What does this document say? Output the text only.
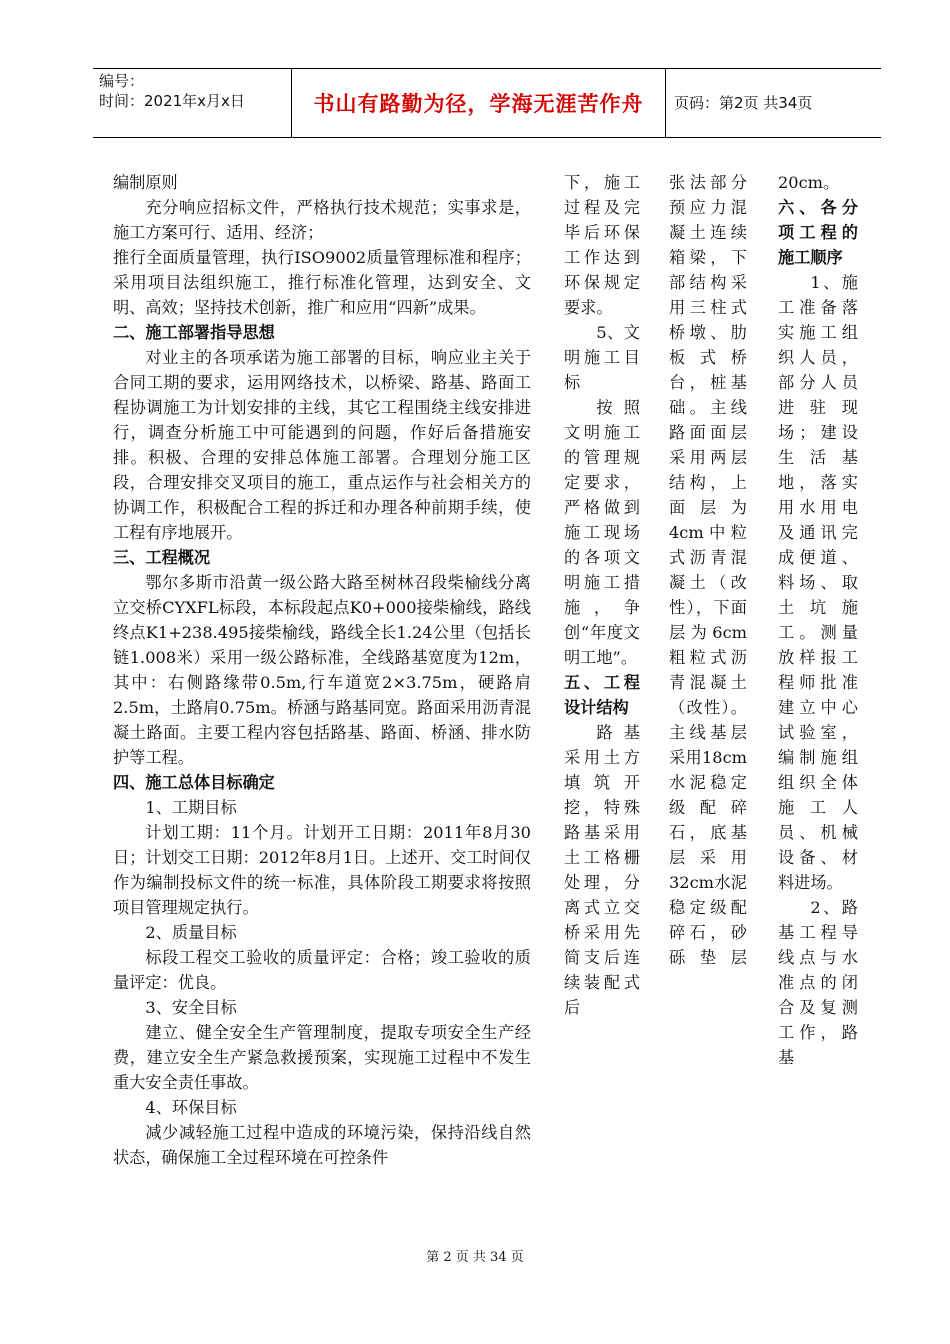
编号：
时间：2021年x月x日	书山有路勤为径，学海无涯苦作舟 页码：第2页 共34页

编制原则

充分响应招标文件，严格执行技术规范；实事求是，施工方案可行、适用、经济；

推行全面质量管理，执行ISO9002质量管理标准和程序；采用项目法组织施工，推行标准化管理，达到安全、文明、高效；坚持技术创新，推广和应用“四新”成果。

二、施工部署指导思想

对业主的各项承诺为施工部署的目标，响应业主关于合同工期的要求，运用网络技术，以桥梁、路基、路面工程协调施工为计划安排的主线，其它工程围绕主线安排进行，调查分析施工中可能遇到的问题，作好后备措施安排。积极、合理的安排总体施工部署。合理划分施工区段，合理安排交叉项目的施工，重点运作与社会相关方的协调工作，积极配合工程的拆迁和办理各种前期手续，使工程有序地展开。

三、工程概况

鄂尔多斯市沿黄一级公路大路至树林召段柴榆线分离立交桥CYXFL标段，本标段起点K0+000接柴榆线，路线终点K1+238.495接柴榆线，路线全长1.24公里（包括长链1.008米）采用一级公路标准，全线路基宽度为12m，其中：右侧路缘带0.5m,行车道宽2×3.75m，硬路肩2.5m，土路肩0.75m。桥涵与路基同宽。路面采用沥青混凝土路面。主要工程内容包括路基、路面、桥涵、排水防护等工程。

四、施工总体目标确定

1、工期目标

计划工期：11个月。计划开工日期：2011年8月30日；计划交工日期：2012年8月1日。上述开、交工时间仅作为编制投标文件的统一标准，具体阶段工期要求将按照项目管理规定执行。

2、质量目标

标段工程交工验收的质量评定：合格；竣工验收的质量评定：优良。

3、安全目标

建立、健全安全生产管理制度，提取专项安全生产经费，建立安全生产紧急救援预案，实现施工过程中不发生重大安全责任事故。

4、环保目标

减少减轻施工过程中造成的环境污染，保持沿线自然状态，确保施工全过程环境在可控条件

下，施工过程及完毕后环保工作达到环保规定要求。

5、文明施工目标

按照文明施工的管理规定要求，严格做到施工现场的各项文明施工措施，争创“年度文明工地”。

五、工程设计结构

路基采用土方填筑开挖，特殊路基采用土工格栅处理，分离式立交桥采用先简支后连续装配式后

张法部分预应力混凝土连续箱梁，下部结构采用三柱式桥墩、肋板式桥台，桩基础。主线路面面层采用两层结构，上面层为4cm中粒式沥青混凝土（改性），下面层为6cm粗粒式沥青混凝土（改性）。主线基层采用18cm水泥稳定级配碎石，底基层采用32cm水泥稳定级配碎石，砂砾垫层

20cm。

六、各分项工程的施工顺序

1、施工准备落实施工组织人员，部分人员进驻现场；建设生活基地，落实用水用电及通讯完成便道、料场、取土坑施工。测量放样报工程师批准建立中心试验室，编制施组组织全体施工人员、机械设备、材料进场。

2、路基工程导线点与水准点的闭合及复测工作，路基

第 2 页 共 34 页
